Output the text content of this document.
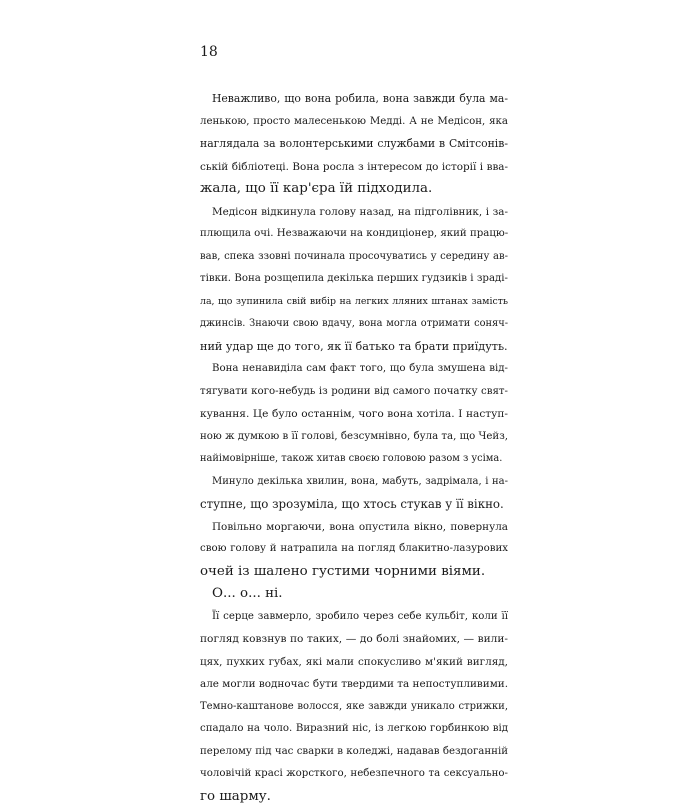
18
Неважливо, що вона робила, вона завжди була ма-
ленькою, просто малесенькою Медді. А не Медісон, яка
наглядала за волонтерськими службами в Смітсонів-
ській бібліотеці. Вона росла з інтересом до історії і вва-
жала, що її кар'єра їй підходила.
Медісон відкинула голову назад, на підголівник, і за-
плющила очі. Незважаючи на кондиціонер, який працю-
вав, спека ззовні починала просочуватись у середину ав-
тівки. Вона розщепила декілька перших гудзиків і зраді-
ла, що зупинила свій вибір на легких лляних штанах замість
джинсів. Знаючи свою вдачу, вона могла отримати соняч-
ний удар ще до того, як її батько та брати приїдуть.
Вона ненавиділа сам факт того, що була змушена від-
тягувати кого-небудь із родини від самого початку свят-
кування. Це було останнім, чого вона хотіла. І наступ-
ною ж думкою в її голові, безсумнівно, була та, що Чейз,
найімовірніше, також хитав своєю головою разом з усіма.
Минуло декілька хвилин, вона, мабуть, задрімала, і на-
ступне, що зрозуміла, що хтось стукав у її вікно.
Повільно моргаючи, вона опустила вікно, повернула
свою голову й натрапила на погляд блакитно-лазурових
очей із шалено густими чорними віями.
О... о... ні.
Її серце завмерло, зробило через себе кульбіт, коли її
погляд ковзнув по таких, — до болі знайомих, — вили-
цях, пухких губах, які мали спокусливо м'який вигляд,
але могли водночас бути твердими та непоступливими.
Темно-каштанове волосся, яке завжди уникало стрижки,
спадало на чоло. Виразний ніс, із легкою горбинкою від
перелому під час сварки в коледжі, надавав бездоганній
чоловічій красі жорсткого, небезпечного та сексуально-
го шарму.
